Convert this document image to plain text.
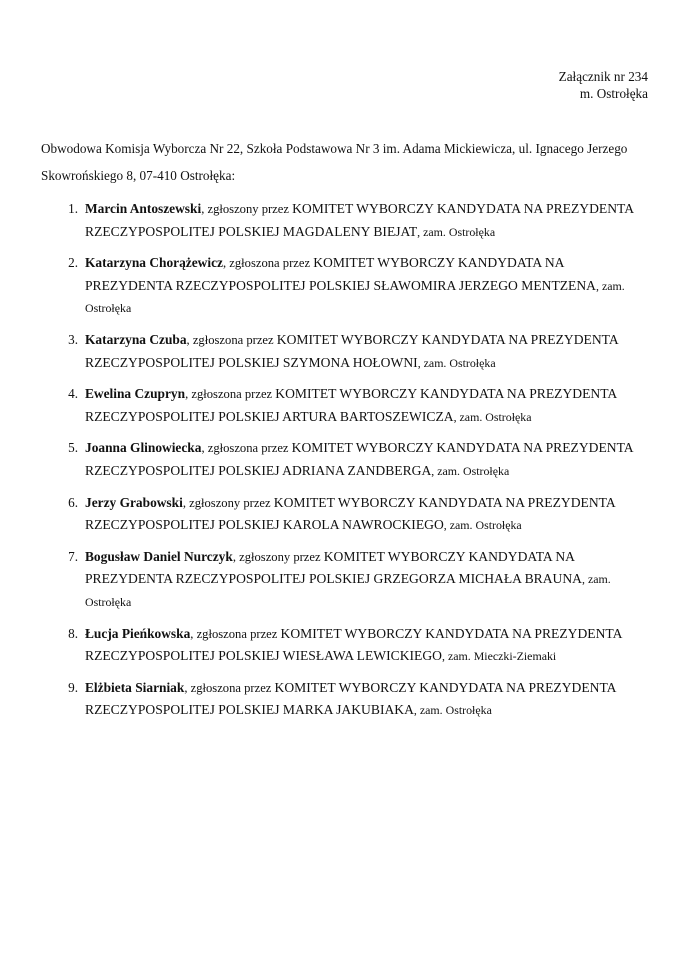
Załącznik nr 234
m. Ostrołęka

Obwodowa Komisja Wyborcza Nr 22, Szkoła Podstawowa Nr 3 im. Adama Mickiewicza, ul. Ignacego Jerzego Skowrońskiego 8, 07-410 Ostrołęka:

1. Marcin Antoszewski, zgłoszony przez KOMITET WYBORCZY KANDYDATA NA PREZYDENTA RZECZYPOSPOLITEJ POLSKIEJ MAGDALENY BIEJAT, zam. Ostrołęka
2. Katarzyna Chorążewicz, zgłoszona przez KOMITET WYBORCZY KANDYDATA NA PREZYDENTA RZECZYPOSPOLITEJ POLSKIEJ SŁAWOMIRA JERZEGO MENTZENA, zam. Ostrołęka
3. Katarzyna Czuba, zgłoszona przez KOMITET WYBORCZY KANDYDATA NA PREZYDENTA RZECZYPOSPOLITEJ POLSKIEJ SZYMONA HOŁOWNI, zam. Ostrołęka
4. Ewelina Czupryn, zgłoszona przez KOMITET WYBORCZY KANDYDATA NA PREZYDENTA RZECZYPOSPOLITEJ POLSKIEJ ARTURA BARTOSZEWICZA, zam. Ostrołęka
5. Joanna Glinowiecka, zgłoszona przez KOMITET WYBORCZY KANDYDATA NA PREZYDENTA RZECZYPOSPOLITEJ POLSKIEJ ADRIANA ZANDBERGA, zam. Ostrołęka
6. Jerzy Grabowski, zgłoszony przez KOMITET WYBORCZY KANDYDATA NA PREZYDENTA RZECZYPOSPOLITEJ POLSKIEJ KAROLA NAWROCKIEGO, zam. Ostrołęka
7. Bogusław Daniel Nurczyk, zgłoszony przez KOMITET WYBORCZY KANDYDATA NA PREZYDENTA RZECZYPOSPOLITEJ POLSKIEJ GRZEGORZA MICHAŁA BRAUNA, zam. Ostrołęka
8. Łucja Pieńkowska, zgłoszona przez KOMITET WYBORCZY KANDYDATA NA PREZYDENTA RZECZYPOSPOLITEJ POLSKIEJ WIESŁAWA LEWICKIEGO, zam. Mieczki-Ziemaki
9. Elżbieta Siarniak, zgłoszona przez KOMITET WYBORCZY KANDYDATA NA PREZYDENTA RZECZYPOSPOLITEJ POLSKIEJ MARKA JAKUBIAKA, zam. Ostrołęka
